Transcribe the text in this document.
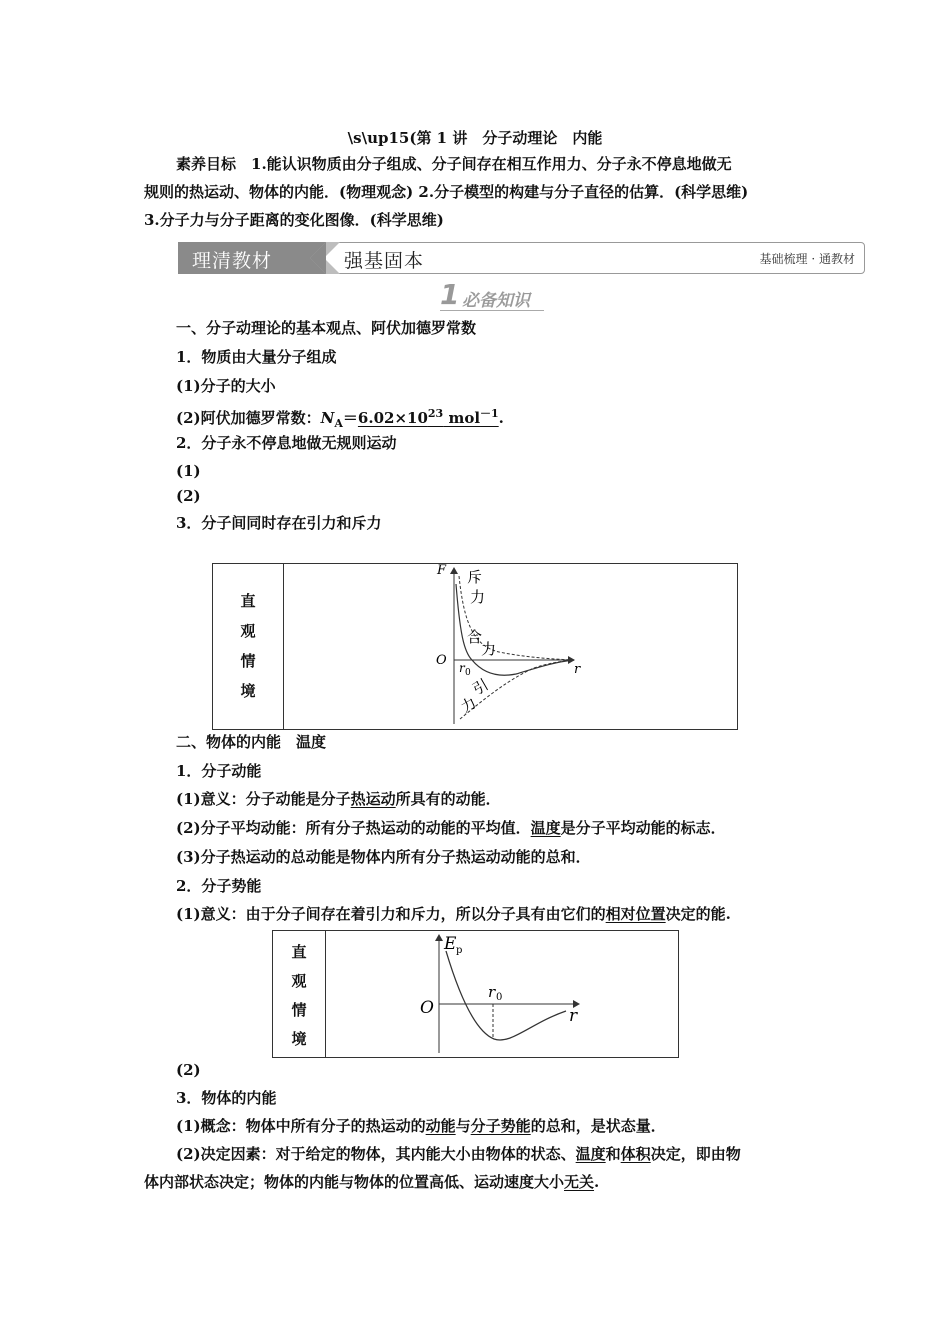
\s\up15(第 1 讲　分子动理论　内能
素养目标　1.能认识物质由分子组成、分子间存在相互作用力、分子永不停息地做无
规则的热运动、物体的内能．(物理观念) 2.分子模型的构建与分子直径的估算．(科学思维)
3.分子力与分子距离的变化图像．(科学思维)
理清教材	强基固本	基础梳理 · 通教材
1 必备知识
一、分子动理论的基本观点、阿伏加德罗常数
1．物质由大量分子组成
(1)分子的大小
(2)阿伏加德罗常数：$N_A=6.02\times 10^{23}$ mol$^{-1}$.
2．分子永不停息地做无规则运动
(1)
(2)
3．分子间同时存在引力和斥力
直
观
情
境
F
O r 0	r
斥
力
合
力
引
力
二、物体的内能　温度
1．分子动能
(1)意义：分子动能是分子热运动所具有的动能．
(2)分子平均动能：所有分子热运动的动能的平均值．温度是分子平均动能的标志．
(3)分子热运动的总动能是物体内所有分子热运动动能的总和．
2．分子势能
(1)意义：由于分子间存在着引力和斥力，所以分子具有由它们的相对位置决定的能.
直
观
情
境
E p
O
r 0
r
(2)
3．物体的内能
(1)概念：物体中所有分子的热运动的动能与分子势能的总和，是状态量．
(2)决定因素：对于给定的物体，其内能大小由物体的状态、温度和体积决定，即由物
体内部状态决定；物体的内能与物体的位置高低、运动速度大小无关.
